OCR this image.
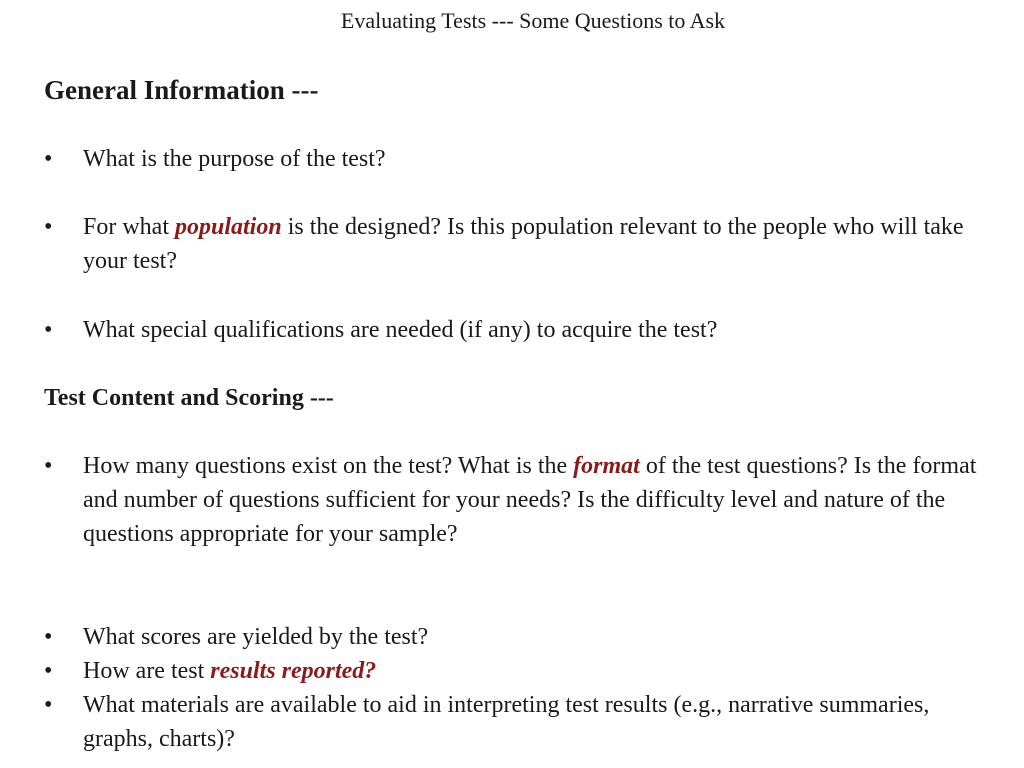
Evaluating Tests --- Some Questions to Ask
General Information ---
•	What is the purpose of the test?
•	For what population is the designed? Is this population relevant to the people who will take your test?
•	What special qualifications are needed (if any) to acquire the test?
Test Content and Scoring ---
•	How many questions exist on the test? What is the format of the test questions? Is the format and number of questions sufficient for your needs? Is the difficulty level and nature of the questions appropriate for your sample?
•	What scores are yielded by the test?
•	How are test results reported?
•	What materials are available to aid in interpreting test results (e.g., narrative summaries, graphs, charts)?
